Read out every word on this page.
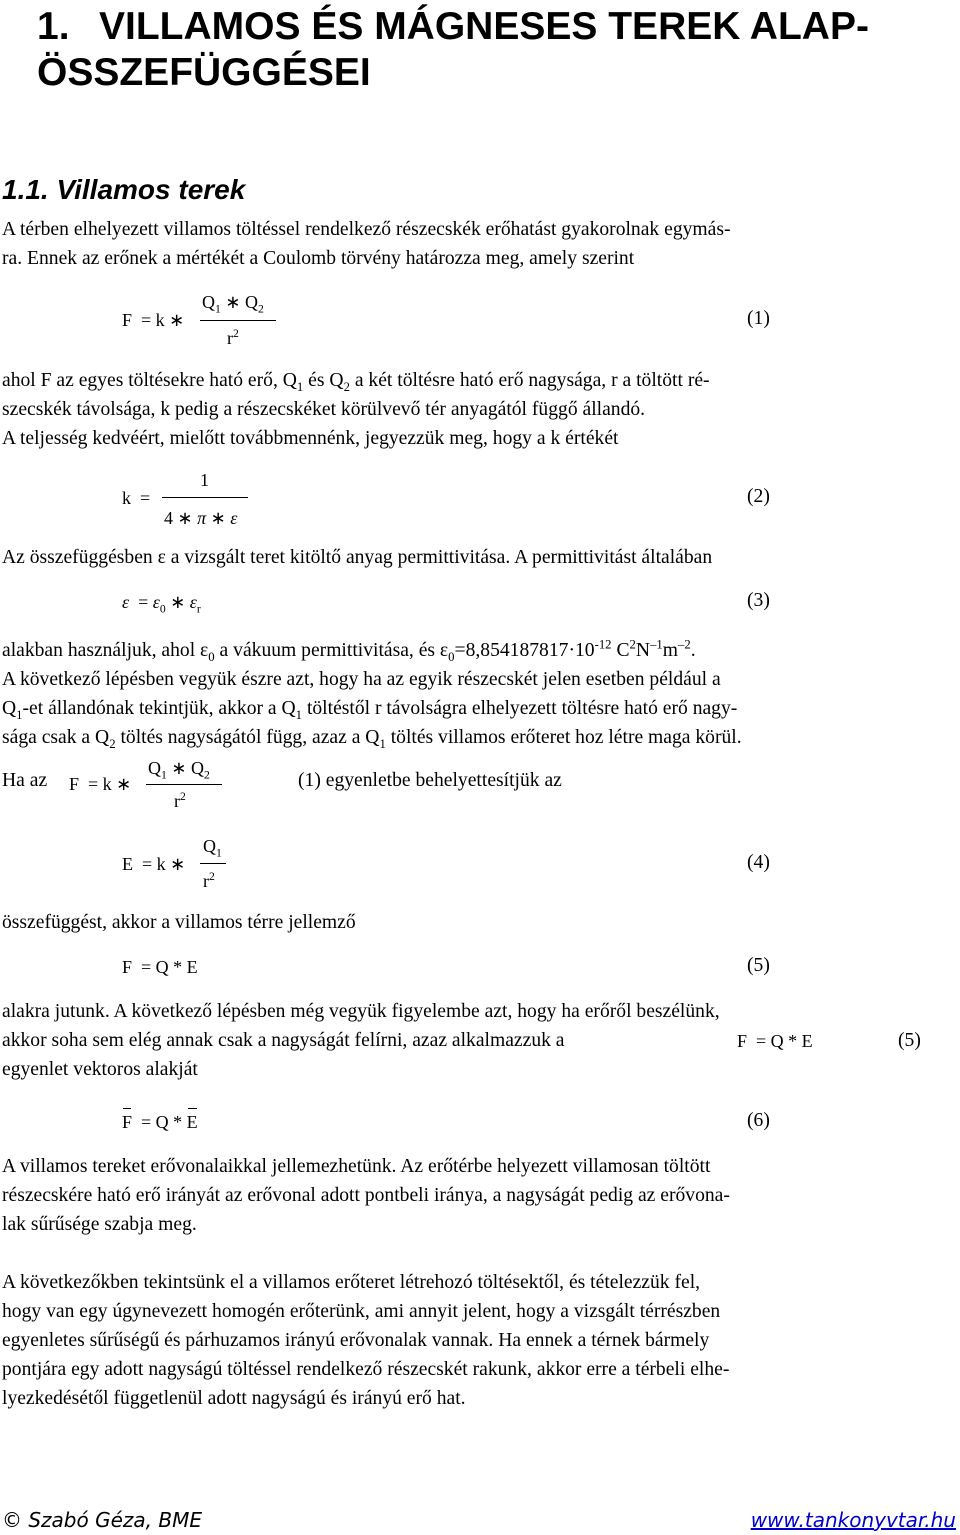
1. VILLAMOS ÉS MÁGNESES TEREK ALAP-
ÖSSZEFÜGGÉSEI
1.1. Villamos terek
A térben elhelyezett villamos töltéssel rendelkező részecskék erőhatást gyakorolnak egymás-
ra. Ennek az erőnek a mértékét a Coulomb törvény határozza meg, amely szerint
F = k ∗
$Q_1$ ∗ $Q_2$
$r^2$
(1)
ahol F az egyes töltésekre ható erő, $Q_1$ és $Q_2$ a két töltésre ható erő nagysága, r a töltött ré-
szecskék távolsága, k pedig a részecskéket körülvevő tér anyagától függő állandó.
A teljesség kedvéért, mielőtt továbbmennénk, jegyezzük meg, hogy a k értékét
k =
1
4 ∗ π ∗ ε
(2)
Az összefüggésben ε a vizsgált teret kitöltő anyag permittivitása. A permittivitást általában
$\varepsilon = \varepsilon_0$ ∗ $\varepsilon_r$	(3)
alakban használjuk, ahol $\varepsilon_0$ a vákuum permittivitása, és $\varepsilon_0=8,854187817\cdot 10^{-12}$ $C^2N^{-1}m^{-2}$.
A következő lépésben vegyük észre azt, hogy ha az egyik részecskét jelen esetben például a
$Q_1-et$ állandónak tekintjük, akkor a $Q_1$ töltéstől r távolságra elhelyezett töltésre ható erő nagy-
sága csak a $Q_2$ töltés nagyságától függ, azaz a $Q_1$ töltés villamos erőteret hoz létre maga körül.
Ha az F = k ∗
$Q_1$ ∗ $Q_2$
$r^2$
(1) egyenletbe behelyettesítjük az
E = k ∗
$Q_1$
$r^2$
(4)
összefüggést, akkor a villamos térre jellemző
F = Q * E	(5)
alakra jutunk. A következő lépésben még vegyük figyelembe azt, hogy ha erőről beszélünk,
akkor soha sem elég annak csak a nagyságát felírni, azaz alkalmazzuk a	F = Q * E	(5)
egyenlet vektoros alakját
F = Q * E	(6)
A villamos tereket erővonalaikkal jellemezhetünk. Az erőtérbe helyezett villamosan töltött
részecskére ható erő irányát az erővonal adott pontbeli iránya, a nagyságát pedig az erővona-
lak sűrűsége szabja meg.
A következőkben tekintsünk el a villamos erőteret létrehozó töltésektől, és tételezzük fel,
hogy van egy úgynevezett homogén erőterünk, ami annyit jelent, hogy a vizsgált térrészben
egyenletes sűrűségű és párhuzamos irányú erővonalak vannak. Ha ennek a térnek bármely
pontjára egy adott nagyságú töltéssel rendelkező részecskét rakunk, akkor erre a térbeli elhe-
lyezkedésétől függetlenül adott nagyságú és irányú erő hat.
© Szabó Géza, BME	www.tankonyvtar.hu
